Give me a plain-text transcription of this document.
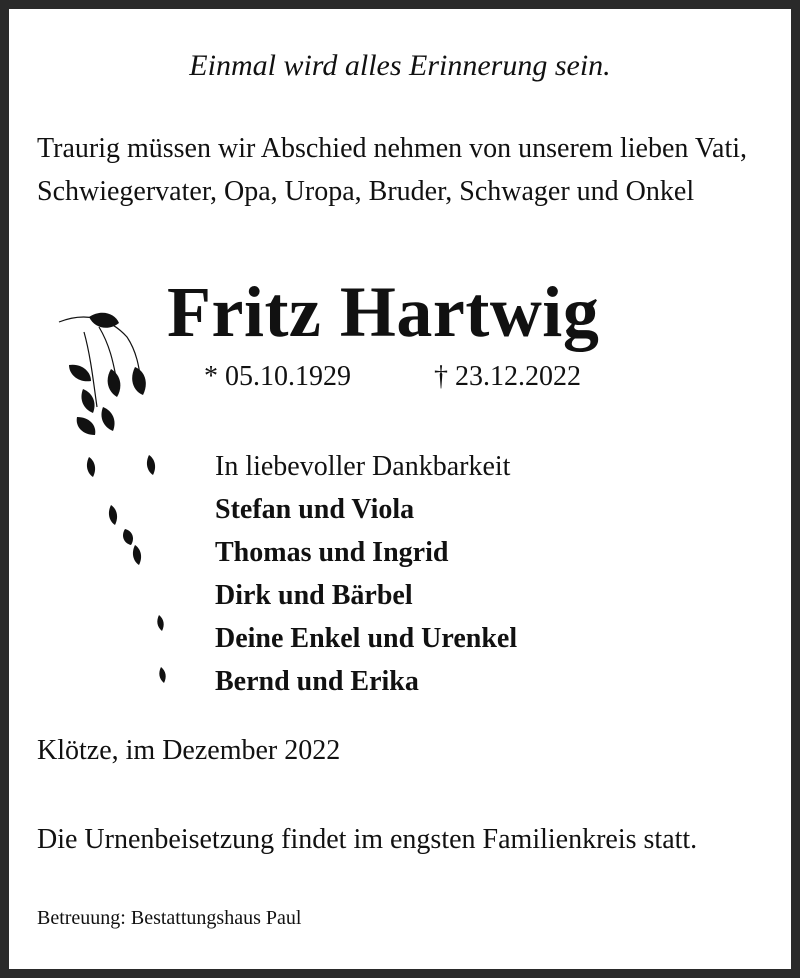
Einmal wird alles Erinnerung sein.
Traurig müssen wir Abschied nehmen von unserem lieben Vati, Schwiegervater, Opa, Uropa, Bruder, Schwager und Onkel
Fritz Hartwig
* 05.10.1929	† 23.12.2022
In liebevoller Dankbarkeit
Stefan und Viola
Thomas und Ingrid
Dirk und Bärbel
Deine Enkel und Urenkel
Bernd und Erika
Klötze, im Dezember 2022
Die Urnenbeisetzung findet im engsten Familienkreis statt.
Betreuung: Bestattungshaus Paul
